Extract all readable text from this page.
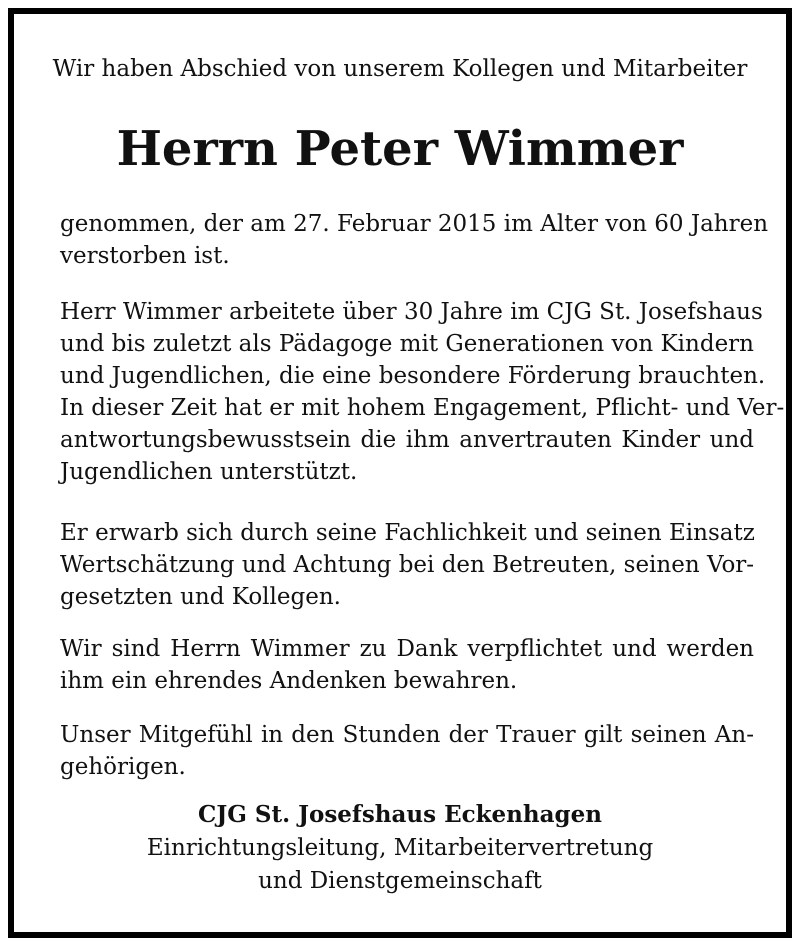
Wir haben Abschied von unserem Kollegen und Mitarbeiter
Herrn Peter Wimmer
genommen, der am 27. Februar 2015 im Alter von 60 Jahren
verstorben ist.
Herr Wimmer arbeitete über 30 Jahre im CJG St. Josefshaus
und bis zuletzt als Pädagoge mit Generationen von Kindern
und Jugendlichen, die eine besondere Förderung brauchten.
In dieser Zeit hat er mit hohem Engagement, Pflicht- und Ver-
antwortungsbewusstsein die ihm anvertrauten Kinder und
Jugendlichen unterstützt.
Er erwarb sich durch seine Fachlichkeit und seinen Einsatz
Wertschätzung und Achtung bei den Betreuten, seinen Vor-
gesetzten und Kollegen.
Wir sind Herrn Wimmer zu Dank verpflichtet und werden
ihm ein ehrendes Andenken bewahren.
Unser Mitgefühl in den Stunden der Trauer gilt seinen An-
gehörigen.
CJG St. Josefshaus Eckenhagen
Einrichtungsleitung, Mitarbeitervertretung
und Dienstgemeinschaft
